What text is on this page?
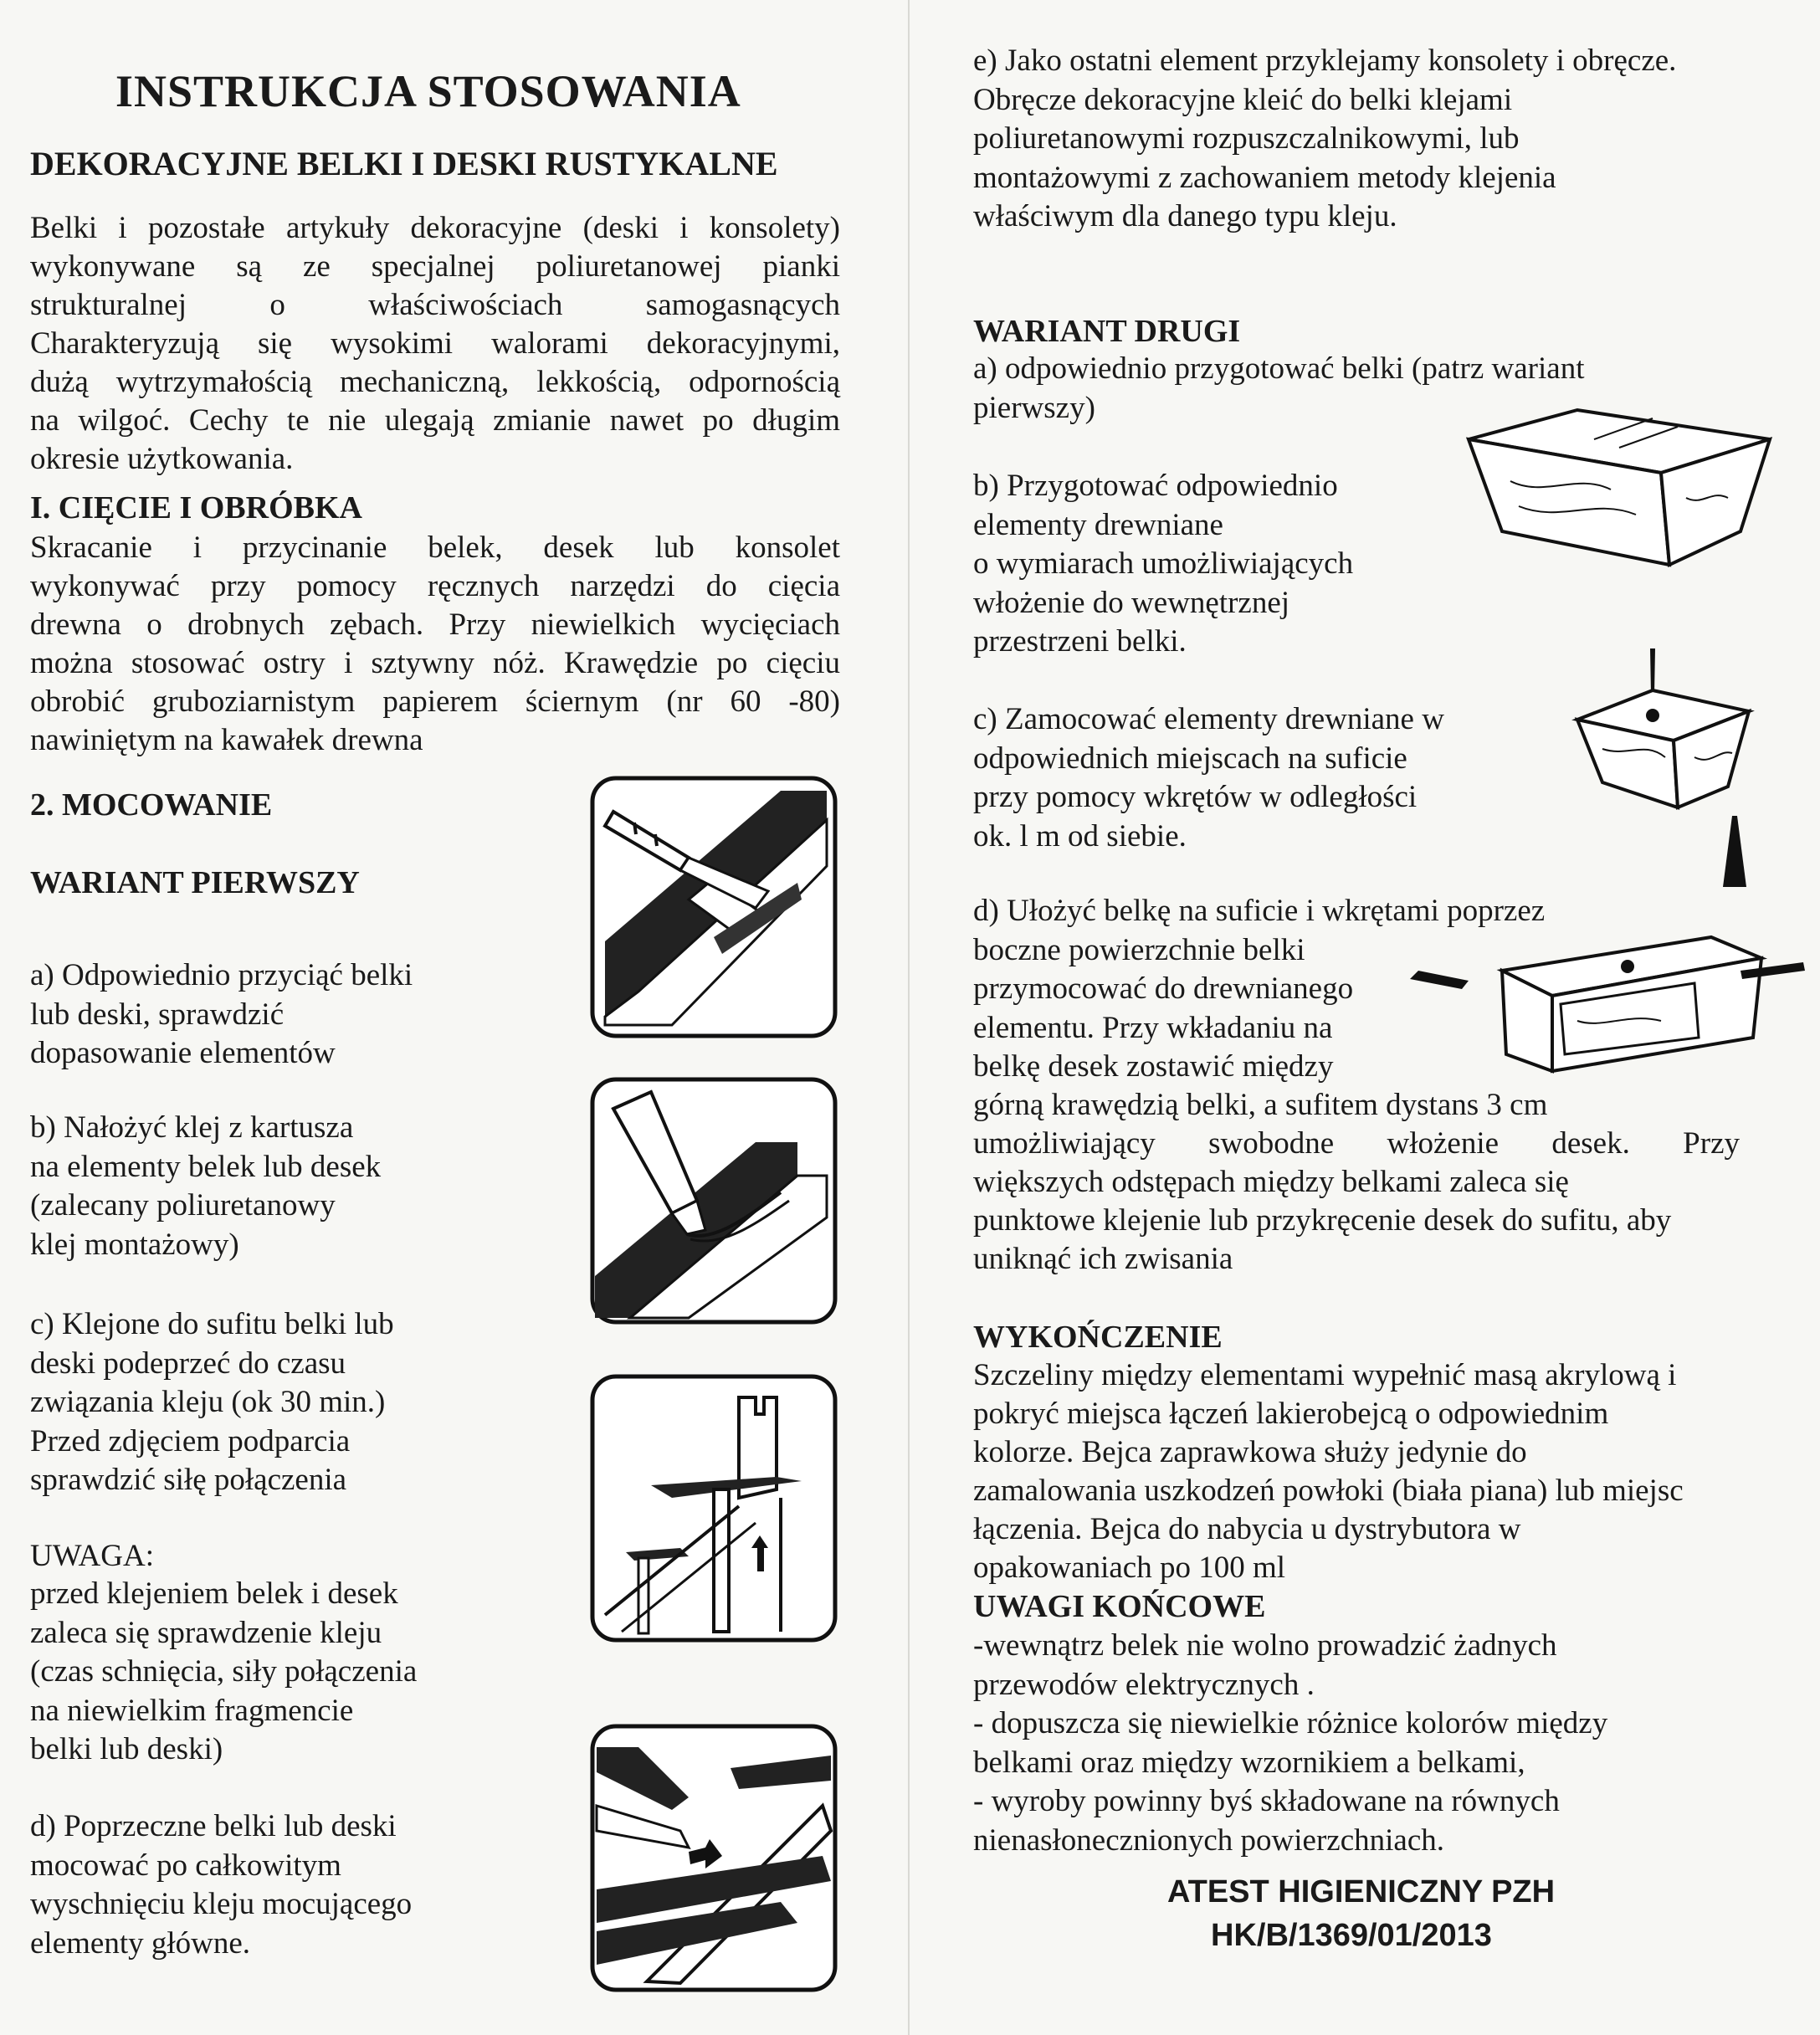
INSTRUKCJA STOSOWANIA
DEKORACYJNE BELKI I DESKI RUSTYKALNE
Belki i pozostałe artykuły dekoracyjne (deski i konsolety)
wykonywane są ze specjalnej poliuretanowej pianki
strukturalnej o właściwościach samogasnących
Charakteryzują się wysokimi walorami dekoracyjnymi,
dużą wytrzymałością mechaniczną, lekkością, odpornością
na wilgoć. Cechy te nie ulegają zmianie nawet po długim
okresie użytkowania.
I. CIĘCIE I OBRÓBKA
Skracanie i przycinanie belek, desek lub konsolet
wykonywać przy pomocy ręcznych narzędzi do cięcia
drewna o drobnych zębach. Przy niewielkich wycięciach
można stosować ostry i sztywny nóż. Krawędzie po cięciu
obrobić gruboziarnistym papierem ściernym (nr 60 -80)
nawiniętym na kawałek drewna
2. MOCOWANIE
WARIANT PIERWSZY
a) Odpowiednio przyciąć belki
lub deski, sprawdzić
dopasowanie elementów
b) Nałożyć klej z kartusza
na elementy belek lub desek
(zalecany poliuretanowy
klej montażowy)
c) Klejone do sufitu belki lub
deski podeprzeć do czasu
związania kleju (ok 30 min.)
Przed zdjęciem podparcia
sprawdzić siłę połączenia
UWAGA:
przed klejeniem belek i desek
zaleca się sprawdzenie kleju
(czas schnięcia, siły połączenia
na niewielkim fragmencie
belki lub deski)
d) Poprzeczne belki lub deski
mocować po całkowitym
wyschnięciu kleju mocującego
elementy główne.
e) Jako ostatni element przyklejamy konsolety i obręcze.
Obręcze dekoracyjne kleić do belki klejami
poliuretanowymi rozpuszczalnikowymi, lub
montażowymi z zachowaniem metody klejenia
właściwym dla danego typu kleju.
WARIANT DRUGI
a) odpowiednio przygotować belki (patrz wariant
pierwszy)
b) Przygotować odpowiednio
elementy drewniane
o wymiarach umożliwiających
włożenie do wewnętrznej
przestrzeni belki.
c) Zamocować elementy drewniane w
odpowiednich miejscach na suficie
przy pomocy wkrętów w odległości
ok. l m od siebie.
d) Ułożyć belkę na suficie i wkrętami poprzez
boczne powierzchnie belki
przymocować do drewnianego
elementu. Przy wkładaniu na
belkę desek zostawić między
górną krawędzią belki, a sufitem dystans 3 cm
umożliwiający swobodne włożenie desek. Przy
większych odstępach między belkami zaleca się
punktowe klejenie lub przykręcenie desek do sufitu, aby
uniknąć ich zwisania
WYKOŃCZENIE
Szczeliny między elementami wypełnić masą akrylową i
pokryć miejsca łączeń lakierobejcą o odpowiednim
kolorze. Bejca zaprawkowa służy jedynie do
zamalowania uszkodzeń powłoki (biała piana) lub miejsc
łączenia. Bejca do nabycia u dystrybutora w
opakowaniach po 100 ml
UWAGI KOŃCOWE
-wewnątrz belek nie wolno prowadzić żadnych
przewodów elektrycznych .
- dopuszcza się niewielkie różnice kolorów między
belkami oraz między wzornikiem a belkami,
- wyroby powinny byś składowane na równych
nienasłonecznionych powierzchniach.
ATEST HIGIENICZNY PZH
HK/B/1369/01/2013
